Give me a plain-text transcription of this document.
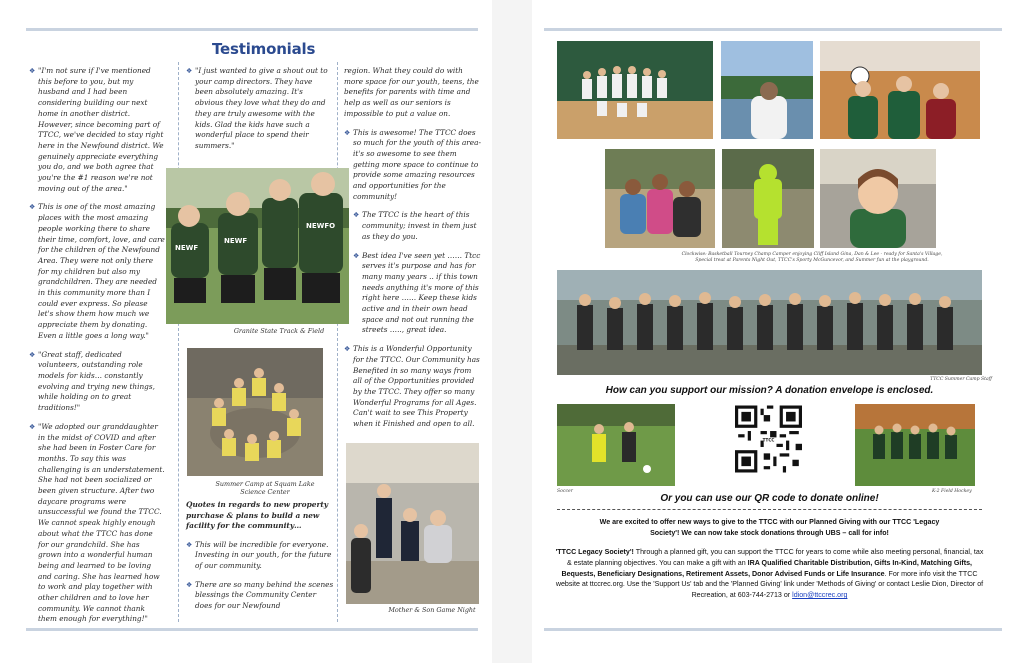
Testimonials

❖ "I'm not sure if I've mentioned this before to you, but my husband and I had been considering building our next home in another district. However, since becoming part of TTCC, we've decided to stay right here in the Newfound district. We genuinely appreciate everything you do, and we both agree that you're the #1 reason we're not moving out of the area."

❖ This is one of the most amazing places with the most amazing people working there to share their time, comfort, love, and care for the children of the Newfound Area. They were not only there for my children but also my grandchildren. They are needed in this community more than I could ever express. So please let's show them how much we appreciate them by donating. Even a little goes a long way."

❖ "Great staff, dedicated volunteers, outstanding role models for kids… constantly evolving and trying new things, while holding on to great traditions!"

❖ "We adopted our granddaughter in the midst of COVID and after she had been in Foster Care for months. To say this was challenging is an understatement. She had not been socialized or been given structure. After two daycare programs were unsuccessful we found the TTCC. We cannot speak highly enough about what the TTCC has done for our grandchild. She has grown into a wonderful human being and learned to be loving and caring. She has learned how to work and play together with other children and to love her community. We cannot thank them enough for everything!"

❖ "I just wanted to give a shout out to your camp directors. They have been absolutely amazing. It's obvious they love what they do and they are truly awesome with the kids. Glad the kids have such a wonderful place to spend their summers."

NEWF
NEWF
NEWFO
Granite State Track & Field
Summer Camp at Squam Lake
Science Center

Quotes in regards to new property purchase & plans to build a new facility for the community…

❖ This will be incredible for everyone. Investing in our youth, for the future of our community.

❖ There are so many behind the scenes blessings the Community Center does for our Newfound

region. What they could do with more space for our youth, teens, the benefits for parents with time and help as well as our seniors is impossible to put a value on.

❖ This is awesome! The TTCC does so much for the youth of this area-it's so awesome to see them getting more space to continue to provide some amazing resources and opportunities for the community!

❖ The TTCC is the heart of this community; invest in them just as they do you.

❖ Best idea I've seen yet …… Ttcc serves it's purpose and has for many many years .. if this town needs anything it's more of this right here …… Keep these kids active and in their own head space and not out running the streets ….., great idea.

❖ This is a Wonderful Opportunity for the TTCC. Our Community has Benefited in so many ways from all of the Opportunities provided by the TTCC. They offer so many Wonderful Programs for all Ages. Can't wait to see This Property when it Finished and open to all.

Mother & Son Game Night
Clockwise: Basketball Tourney Champ Camper enjoying Cliff Island Gina, Dan & Lee - ready for Santa's Village,
Special treat at Parents Night Out, TTCC's Sporty McGuncevor, and Summer fun at the playground.
TTCC Summer Camp Staff
How can you support our mission? A donation envelope is enclosed.
Soccer
TTCC
K-2 Field Hockey
Or you can use our QR code to donate online!
We are excited to offer new ways to give to the TTCC with our Planned Giving with our TTCC 'Legacy
Society'! We can now take stock donations through UBS – call for info!
'TTCC Legacy Society'! Through a planned gift, you can support the TTCC for years to come while also meeting personal, financial, tax & estate planning objectives. You can make a gift with an IRA Qualified Charitable Distribution, Gifts In-Kind, Matching Gifts, Bequests, Beneficiary Designations, Retirement Assets, Donor Advised Funds or Life Insurance. For more info visit the TTCC website at ttccrec.org. Use the 'Support Us' tab and the 'Planned Giving' link under 'Methods of Giving' or contact Leslie Dion, Director of Recreation, at 603-744-2713 or ldion@ttccrec.org
